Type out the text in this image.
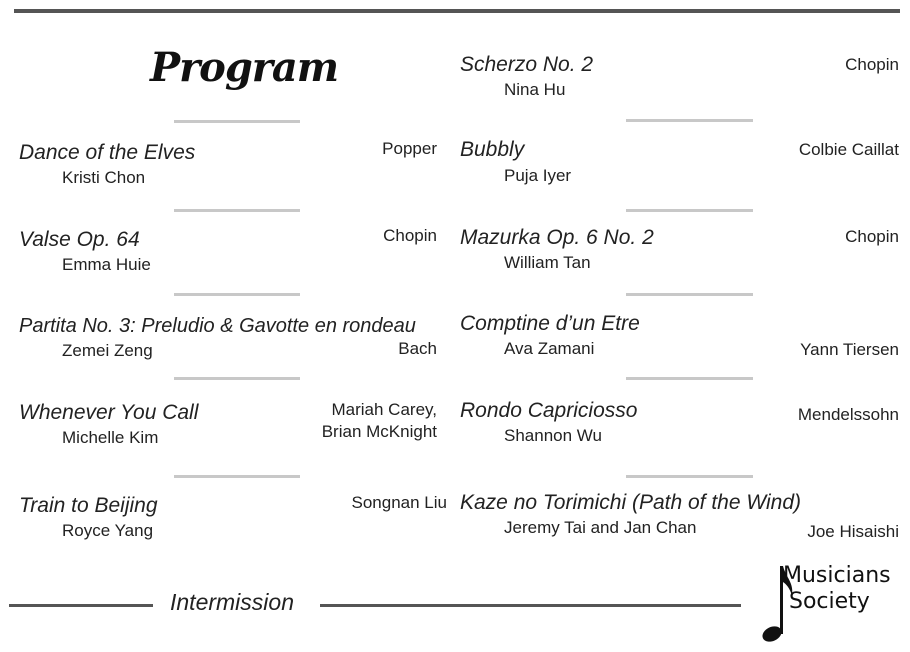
Program
Dance of the Elves
Kristi Chon
Popper
Valse Op. 64
Emma Huie
Chopin
Partita No. 3: Preludio & Gavotte en rondeau
Zemei Zeng	Bach
Whenever You Call
Michelle Kim
Mariah Carey,
Brian McKnight
Train to Beijing
Royce Yang
Songnan Liu
Scherzo No. 2
Nina Hu
Chopin
Bubbly
Puja Iyer
Colbie Caillat
Mazurka Op. 6 No. 2
William Tan
Chopin
Comptine d’un Etre
Ava Zamani	Yann Tiersen
Rondo Capriciosso
Shannon Wu
Mendelssohn
Kaze no Torimichi (Path of the Wind)
Jeremy Tai and Jan Chan	Joe Hisaishi
Intermission
Musicians
Society
